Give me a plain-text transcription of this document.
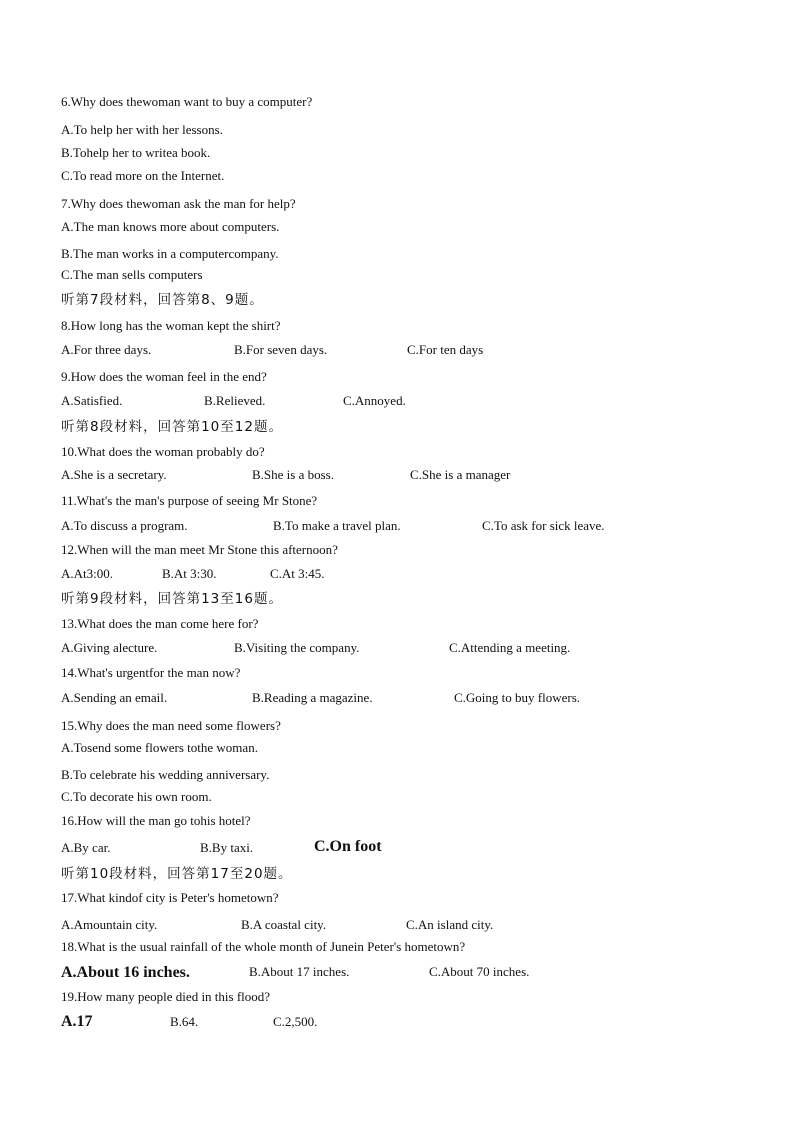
6.Why does thewoman want to buy a computer?
A.To help her with her lessons.
B.Tohelp her to writea book.
C.To read more on the Internet.
7.Why does thewoman ask the man for help?
A.The man knows more about computers.
B.The man works in a computercompany.
C.The man sells computers
听第7段材料，回答第8、9题。
8.How long has the woman kept the shirt?
A.For three days.	B.For seven days.	C.For ten days
9.How does the woman feel in the end?
A.Satisfied.	B.Relieved.	C.Annoyed.
听第8段材料，回答第10至12题。
10.What does the woman probably do?
A.She is a secretary.	B.She is a boss.	C.She is a manager
11.What's the man's purpose of seeing Mr Stone?
A.To discuss a program.	B.To make a travel plan.	C.To ask for sick leave.
12.When will the man meet Mr Stone this afternoon?
A.At3:00.	B.At 3:30.	C.At 3:45.
听第9段材料，回答第13至16题。
13.What does the man come here for?
A.Giving alecture.	B.Visiting the company.	C.Attending a meeting.
14.What's urgentfor the man now?
A.Sending an email.	B.Reading a magazine.	C.Going to buy flowers.
15.Why does the man need some flowers?
A.Tosend some flowers tothe woman.
B.To celebrate his wedding anniversary.
C.To decorate his own room.
16.How will the man go tohis hotel?
A.By car.	B.By taxi.	C.On foot
听第10段材料，回答第17至20题。
17.What kindof city is Peter's hometown?
A.Amountain city.	B.A coastal city.	C.An island city.
18.What is the usual rainfall of the whole month of Junein Peter's hometown?
A.About 16 inches.	B.About 17 inches.	C.About 70 inches.
19.How many people died in this flood?
A.17	B.64.	C.2,500.
